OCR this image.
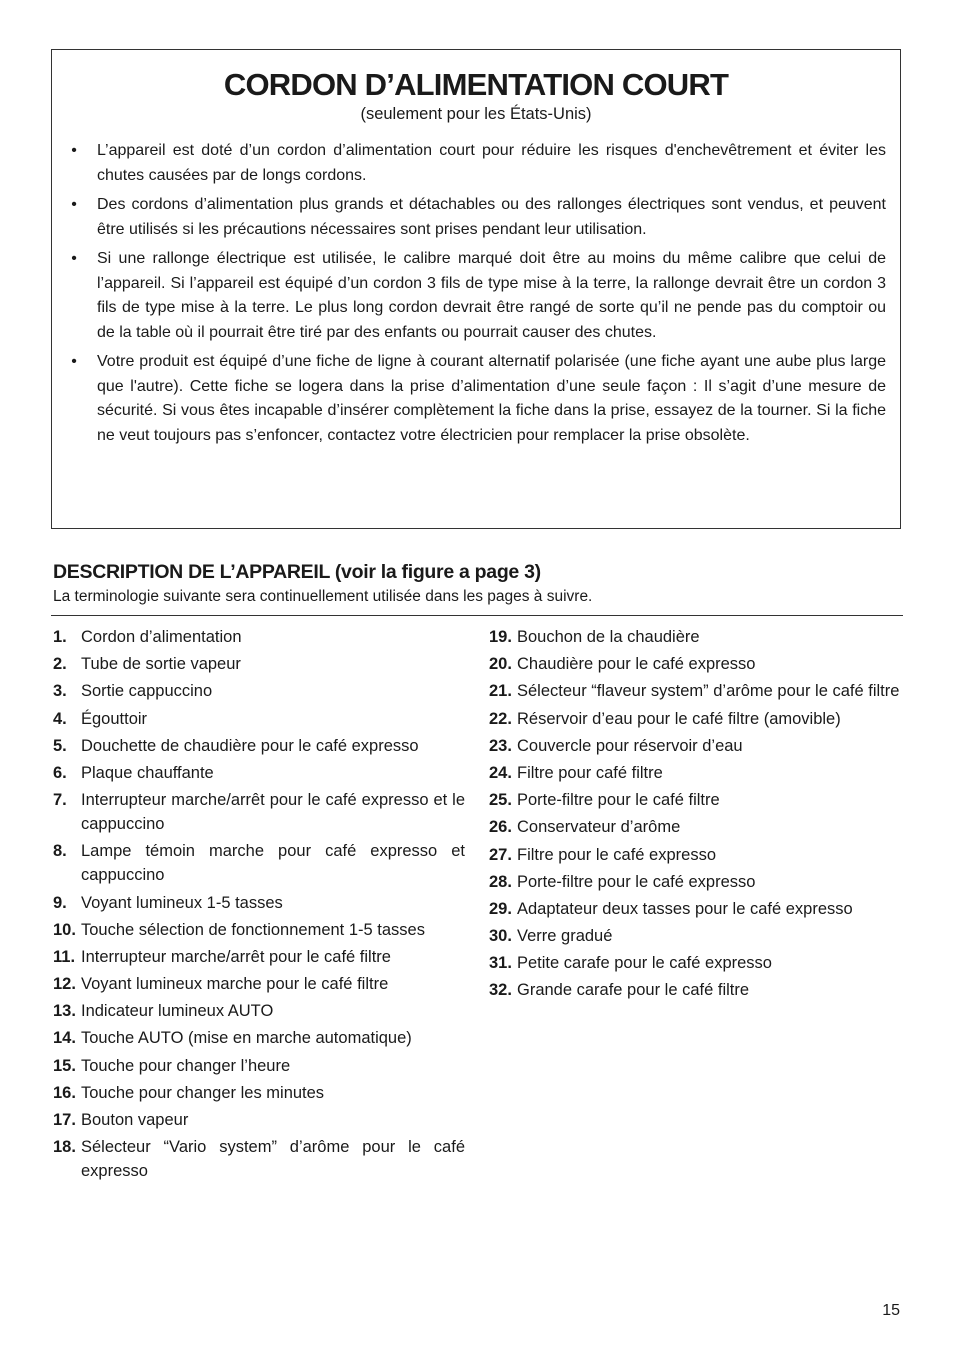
CORDON D’ALIMENTATION COURT

(seulement pour les États-Unis)

• L’appareil est doté d’un cordon d’alimentation court pour réduire les risques d'enchevêtrement et éviter les chutes causées par de longs cordons.
• Des cordons d’alimentation plus grands et détachables ou des rallonges électriques sont vendus, et peuvent être utilisés si les précautions nécessaires sont prises pendant leur utilisation.
• Si une rallonge électrique est utilisée, le calibre marqué doit être au moins du même calibre que celui de l’appareil. Si l’appareil est équipé d’un cordon 3 fils de type mise à la terre, la rallonge devrait être un cordon 3 fils de type mise à la terre. Le plus long cordon devrait être rangé de sorte qu’il ne pende pas du comptoir ou de la table où il pourrait être tiré par des enfants ou pourrait causer des chutes.
• Votre produit est équipé d’une fiche de ligne à courant alternatif polarisée (une fiche ayant une aube plus large que l'autre). Cette fiche se logera dans la prise d’alimentation d’une seule façon : Il s’agit d’une mesure de sécurité. Si vous êtes incapable d’insérer complètement la fiche dans la prise, essayez de la tourner. Si la fiche ne veut toujours pas s’enfoncer, contactez votre électricien pour remplacer la prise obsolète.
DESCRIPTION DE L’APPAREIL (voir la figure a page 3)

La terminologie suivante sera continuellement utilisée dans les pages à suivre.

1. Cordon d’alimentation
2. Tube de sortie vapeur
3. Sortie cappuccino
4. Égouttoir
5. Douchette de chaudière pour le café expresso
6. Plaque chauffante
7. Interrupteur marche/arrêt pour le café expresso et le cappuccino
8. Lampe témoin marche pour café expresso et cappuccino
9. Voyant lumineux 1-5 tasses
10. Touche sélection de fonctionnement 1-5 tasses
11. Interrupteur marche/arrêt pour le café filtre
12. Voyant lumineux marche pour le café filtre
13. Indicateur lumineux AUTO
14. Touche AUTO (mise en marche automatique)
15. Touche pour changer l’heure
16. Touche pour changer les minutes
17. Bouton vapeur
18. Sélecteur “Vario system” d’arôme pour le café expresso
19. Bouchon de la chaudière
20. Chaudière pour le café expresso
21. Sélecteur “flaveur system” d’arôme pour le café filtre
22. Réservoir d’eau pour le café filtre (amovible)
23. Couvercle pour réservoir d’eau
24. Filtre pour café filtre
25. Porte-filtre pour le café filtre
26. Conservateur d’arôme
27. Filtre pour le café expresso
28. Porte-filtre pour le café expresso
29. Adaptateur deux tasses pour le café expresso
30. Verre gradué
31. Petite carafe pour le café expresso
32. Grande carafe pour le café filtre

15
